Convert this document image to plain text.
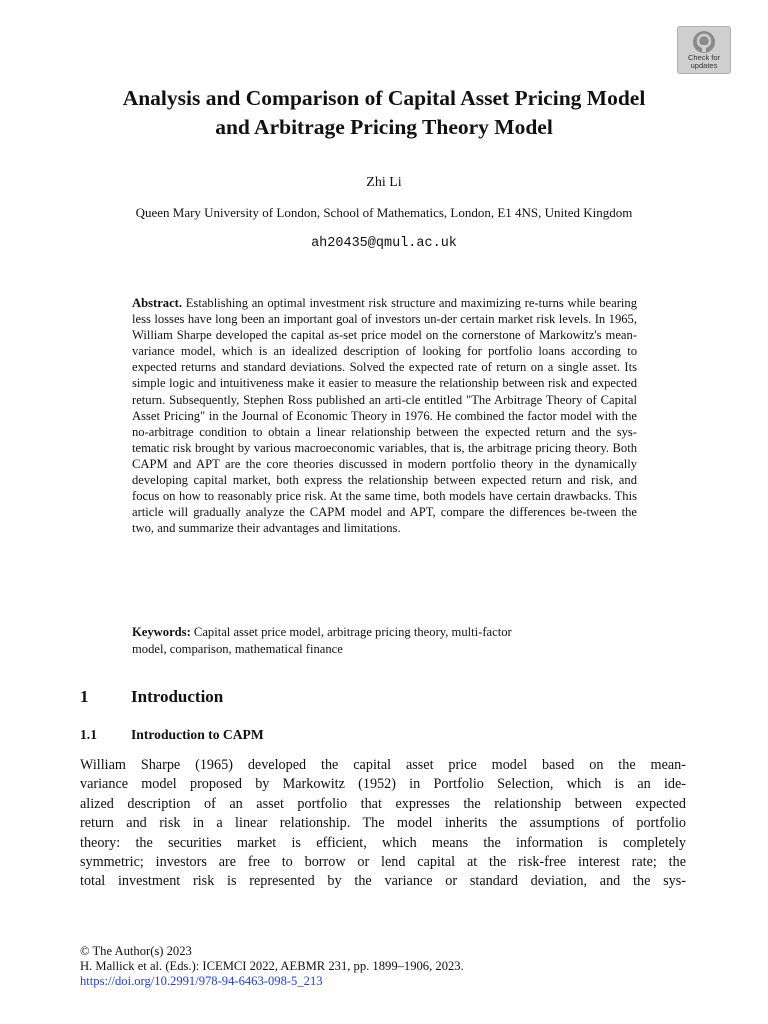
Check for
updates
Analysis and Comparison of Capital Asset Pricing Model
and Arbitrage Pricing Theory Model

Zhi Li

Queen Mary University of London, School of Mathematics, London, E1 4NS, United Kingdom

ah20435@qmul.ac.uk

Abstract. Establishing an optimal investment risk structure and maximizing re-turns while bearing less losses have long been an important goal of investors un-der certain market risk levels. In 1965, William Sharpe developed the capital as-set price model on the cornerstone of Markowitz's mean-variance model, which is an idealized description of looking for portfolio loans according to expected returns and standard deviations. Solved the expected rate of return on a single asset. Its simple logic and intuitiveness make it easier to measure the relationship between risk and expected return. Subsequently, Stephen Ross published an arti-cle entitled "The Arbitrage Theory of Capital Asset Pricing" in the Journal of Economic Theory in 1976. He combined the factor model with the no-arbitrage condition to obtain a linear relationship between the expected return and the sys-tematic risk brought by various macroeconomic variables, that is, the arbitrage pricing theory. Both CAPM and APT are the core theories discussed in modern portfolio theory in the dynamically developing capital market, both express the relationship between expected return and risk, and focus on how to reasonably price risk. At the same time, both models have certain drawbacks. This article will gradually analyze the CAPM model and APT, compare the differences be-tween the two, and summarize their advantages and limitations.

Keywords: Capital asset price model, arbitrage pricing theory, multi-factor
model, comparison, mathematical finance
1	Introduction
1.1	Introduction to CAPM
William Sharpe (1965) developed the capital asset price model based on the mean-
variance model proposed by Markowitz (1952) in Portfolio Selection, which is an ide-
alized description of an asset portfolio that expresses the relationship between expected
return and risk in a linear relationship. The model inherits the assumptions of portfolio
theory: the securities market is efficient, which means the information is completely
symmetric; investors are free to borrow or lend capital at the risk-free interest rate; the
total investment risk is represented by the variance or standard deviation, and the sys-
© The Author(s) 2023
H. Mallick et al. (Eds.): ICEMCI 2022, AEBMR 231, pp. 1899–1906, 2023.
https://doi.org/10.2991/978-94-6463-098-5_213
